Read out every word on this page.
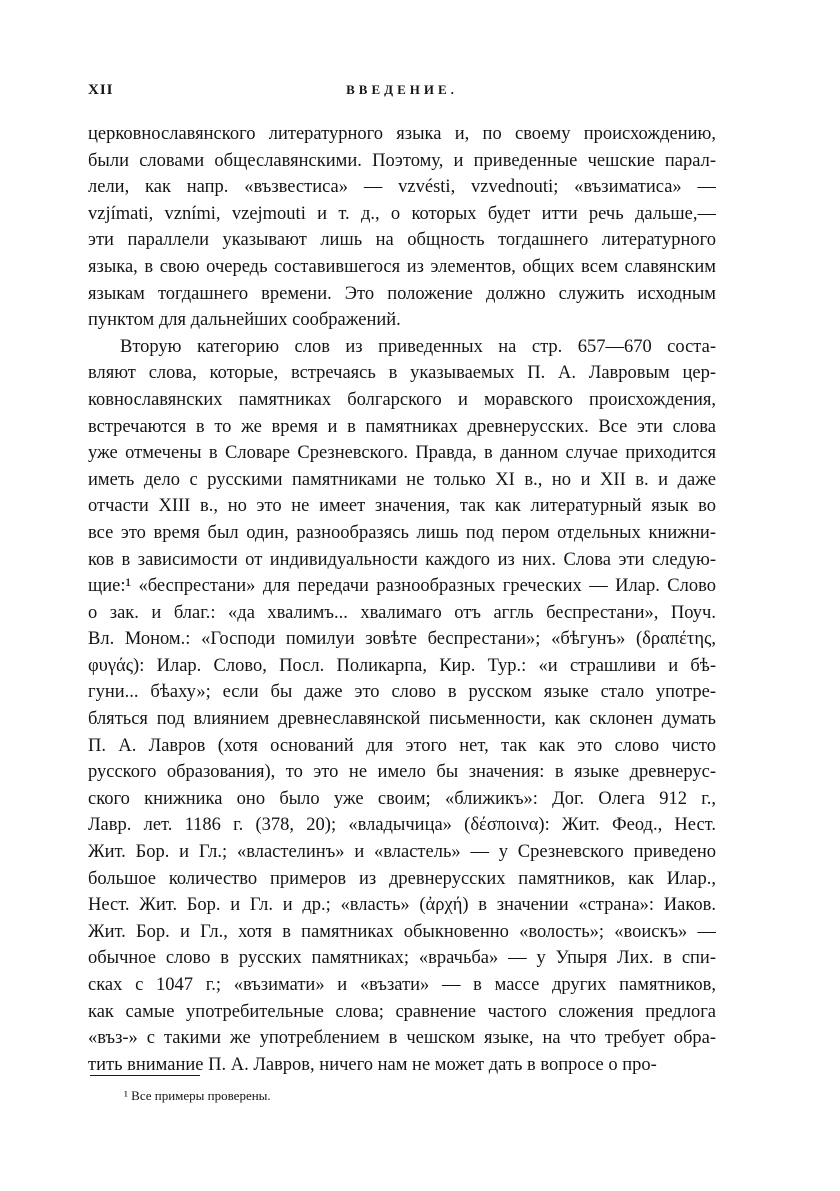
XII	ВВЕДЕНИЕ.
церковнославянского литературного языка и, по своему происхождению,
были словами общеславянскими. Поэтому, и приведенные чешские парал-
лели, как напр. «възвестиса» — vzvésti, vzvednouti; «възиматиса» —
vzjímati, vzními, vzejmouti и т. д., о которых будет итти речь дальше,—
эти параллели указывают лишь на общность тогдашнего литературного
языка, в свою очередь составившегося из элементов, общих всем славянским
языкам тогдашнего времени. Это положение должно служить исходным
пунктом для дальнейших соображений.
Вторую категорию слов из приведенных на стр. 657—670 соста-
вляют слова, которые, встречаясь в указываемых П. А. Лавровым цер-
ковнославянских памятниках болгарского и моравского происхождения,
встречаются в то же время и в памятниках древнерусских. Все эти слова
уже отмечены в Словаре Срезневского. Правда, в данном случае приходится
иметь дело с русскими памятниками не только XI в., но и XII в. и даже
отчасти XIII в., но это не имеет значения, так как литературный язык во
все это время был один, разнообразясь лишь под пером отдельных книжни-
ков в зависимости от индивидуальности каждого из них. Слова эти следую-
щие:¹ «беспрестани» для передачи разнообразных греческих — Илар. Слово
о зак. и благ.: «да хвалимъ... хвалимаго отъ аггль беспрестани», Поуч.
Вл. Моном.: «Господи помилуи зовѣте беспрестани»; «бѣгунъ» (δραπέτης,
φυγάς): Илар. Слово, Посл. Поликарпа, Кир. Тур.: «и страшливи и бѣ-
гуни... бѣаху»; если бы даже это слово в русском языке стало употре-
бляться под влиянием древнеславянской письменности, как склонен думать
П. А. Лавров (хотя оснований для этого нет, так как это слово чисто
русского образования), то это не имело бы значения: в языке древнерус-
ского книжника оно было уже своим; «ближикъ»: Дог. Олега 912 г.,
Лавр. лет. 1186 г. (378, 20); «владычица» (δέσποινα): Жит. Феод., Нест.
Жит. Бор. и Гл.; «властелинъ» и «властель» — у Срезневского приведено
большое количество примеров из древнерусских памятников, как Илар.,
Нест. Жит. Бор. и Гл. и др.; «власть» (ἀρχή) в значении «страна»: Иаков.
Жит. Бор. и Гл., хотя в памятниках обыкновенно «волость»; «воискъ» —
обычное слово в русских памятниках; «врачьба» — у Упыря Лих. в спи-
сках с 1047 г.; «възимати» и «възати» — в массе других памятников,
как самые употребительные слова; сравнение частого сложения предлога
«въз-» с такими же употреблением в чешском языке, на что требует обра-
тить внимание П. А. Лавров, ничего нам не может дать в вопросе о про-
¹ Все примеры проверены.
